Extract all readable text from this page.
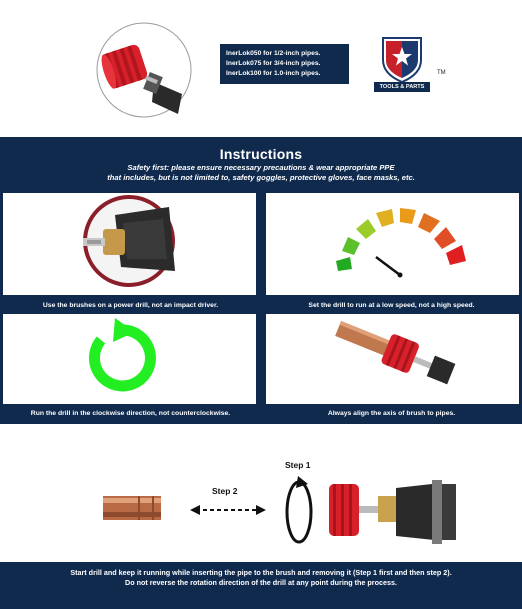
InerLok050 for 1/2-inch pipes.
InerLok075 for 3/4-inch pipes.
InerLok100 for 1.0-inch pipes.	TM
TOOLS & PARTS
Instructions
Safety first: please ensure necessary precautions & wear appropriate PPE
that includes, but is not limited to, safety goggles, protective gloves, face masks, etc.
Use the brushes on a power drill, not an impact driver.	Set the drill to run at a low speed, not a high speed.
Run the drill in the clockwise direction, not counterclockwise.	Always align the axis of brush to pipes.
Step 1
Step 2
Start drill and keep it running while inserting the pipe to the brush and removing it (Step 1 first and then step 2).
Do not reverse the rotation direction of the drill at any point during the process.
